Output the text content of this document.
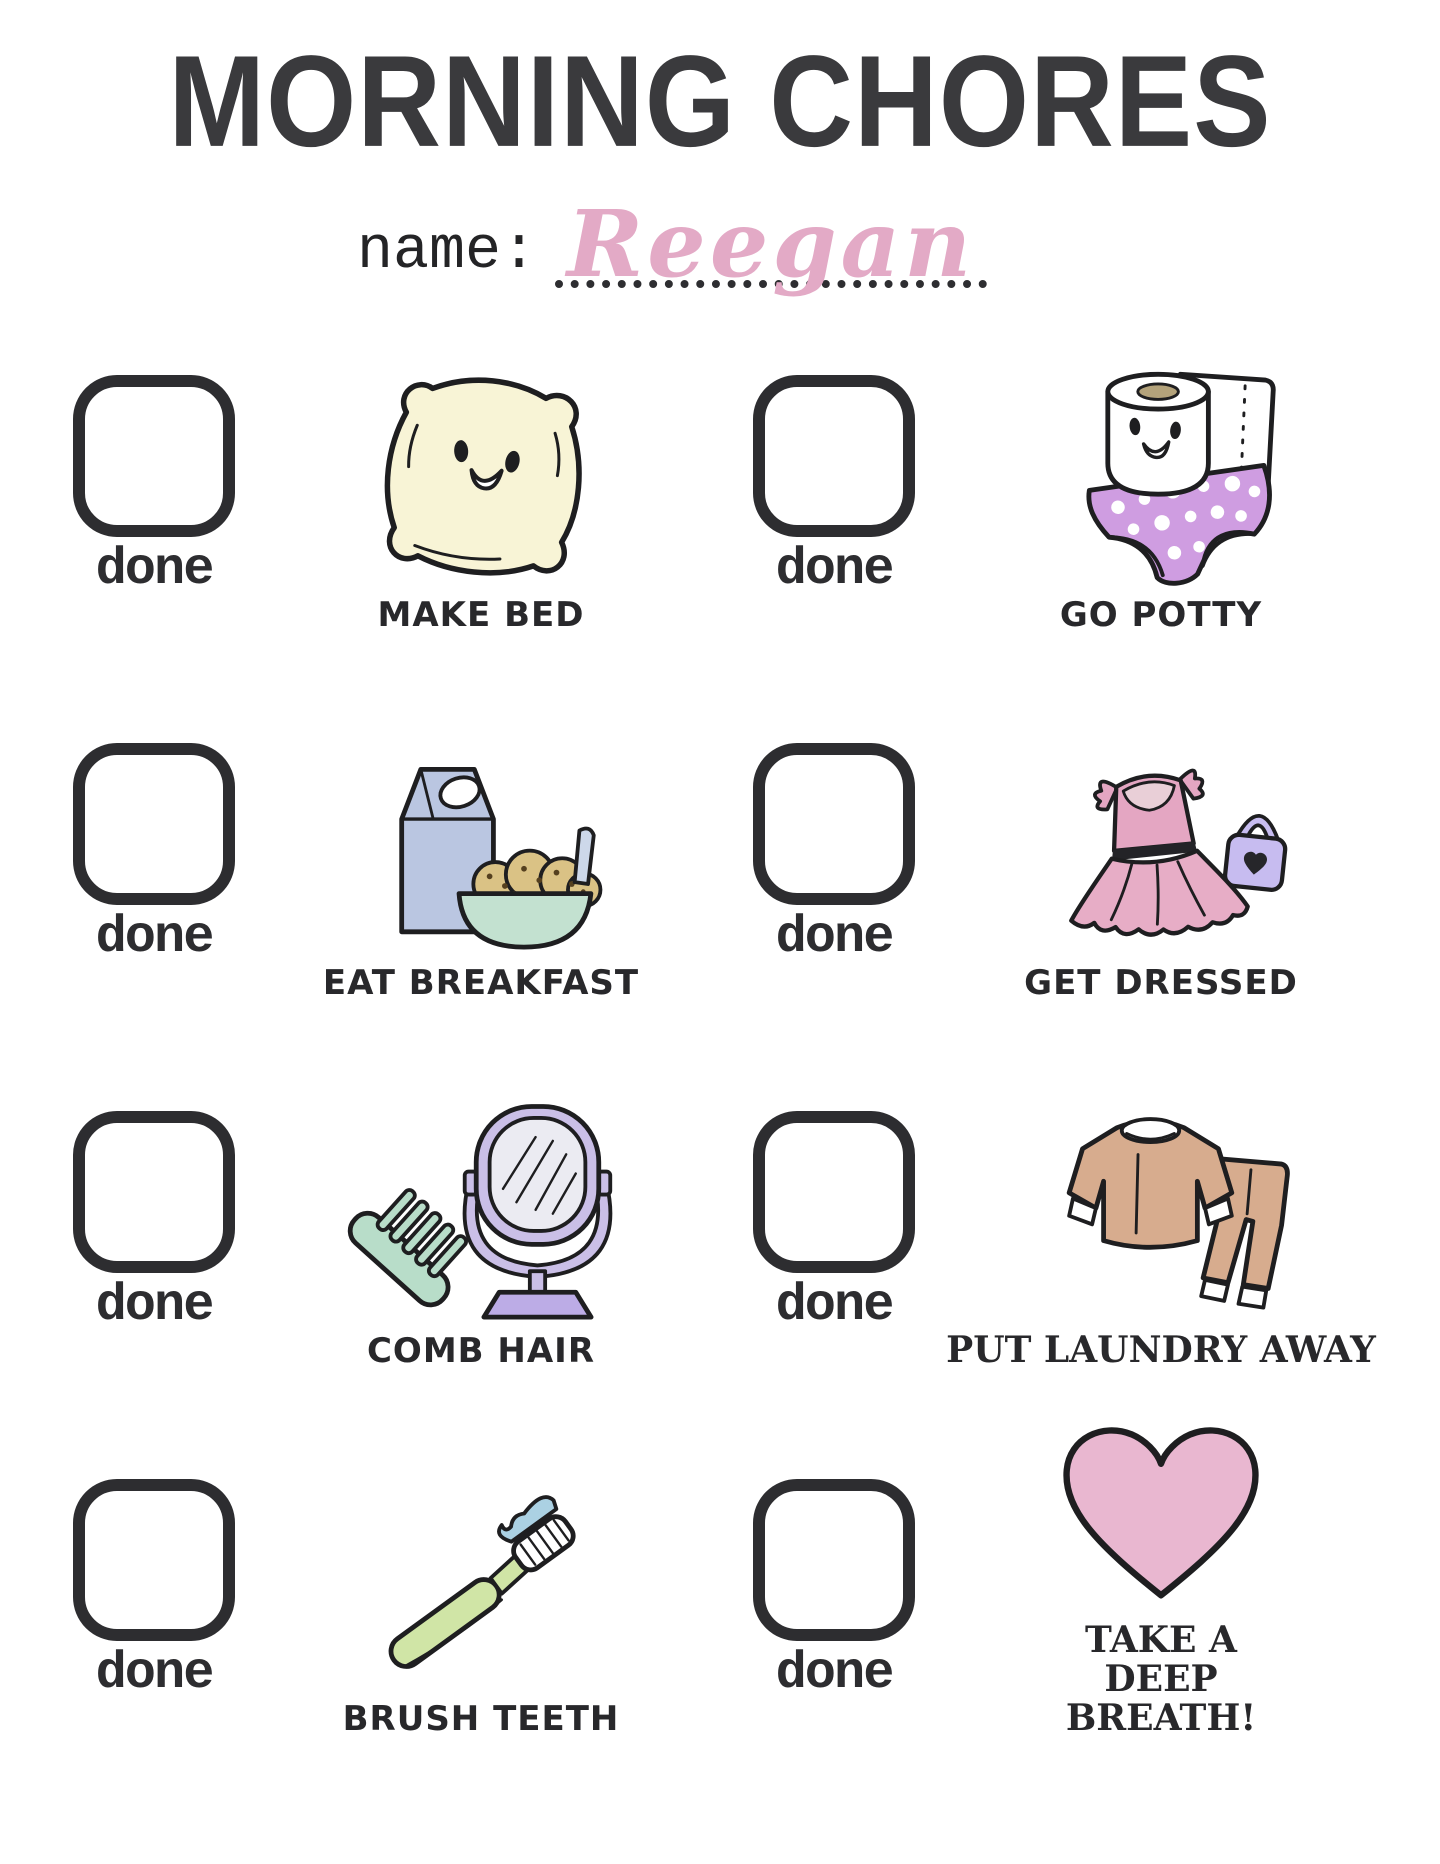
MORNING CHORES
name: Reegan
done
MAKE BED
done
GO POTTY
done
EAT BREAKFAST
done
GET DRESSED
done
COMB HAIR
done
PUT LAUNDRY AWAY
done
BRUSH TEETH
done
TAKE A DEEP BREATH!
